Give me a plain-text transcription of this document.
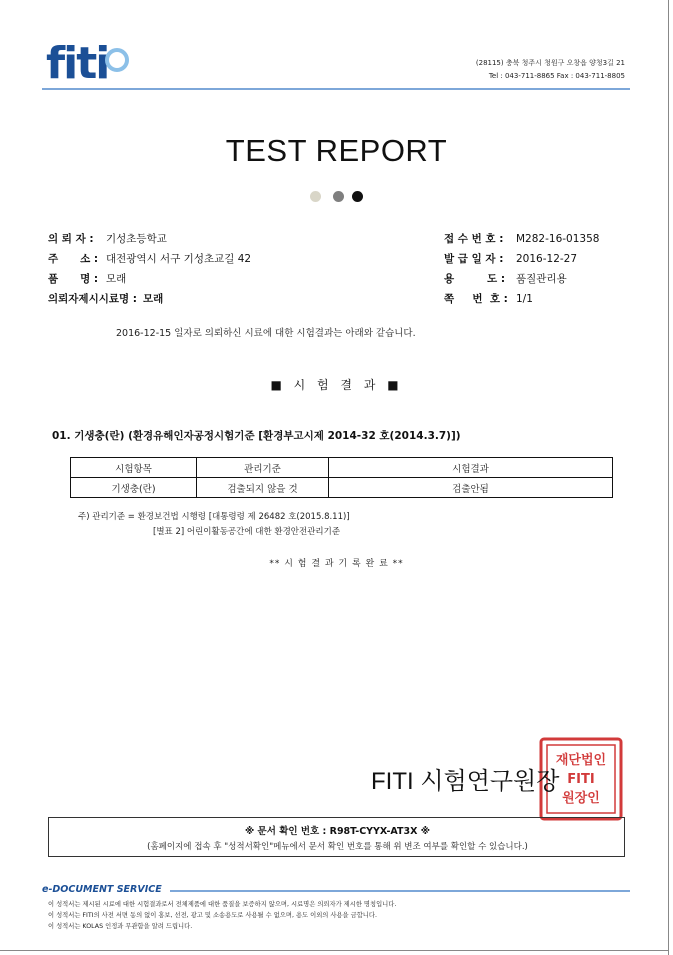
fiti	(28115) 충북 청주시 청원구 오창읍 양청3길 21
Tel : 043-711-8865 Fax : 043-711-8805
TEST REPORT
의 뢰 자 :	기성초등학교
주      소 : 대전광역시 서구 기성초교길 42
품      명 : 모래
의뢰자제시시료명 : 모래
접 수 번 호 :	M282-16-01358
발 급 일 자 :	2016-12-27
용         도 :	품질관리용
쪽     번  호 : 1/1
2016-12-15 일자로 의뢰하신 시료에 대한 시험결과는 아래와 같습니다.
■ 시 험 결 과 ■
01. 기생충(란) (환경유해인자공정시험기준 [환경부고시제 2014-32 호(2014.3.7)])
시험항목	관리기준	시험결과
기생충(란)	검출되지 않을 것	검출안됨
주) 관리기준 = 환경보건법 시행령 [대통령령 제 26482 호(2015.8.11)]
[별표 2] 어린이활동공간에 대한 환경안전관리기준
** 시 험 결 과 기 록 완 료 **
재단법인
FITI
원장인
FITI 시험연구원장
※ 문서 확인 번호 : R98T-CYYX-AT3X ※
(홈페이지에 접속 후 "성적서확인"메뉴에서 문서 확인 번호를 통해 위 변조 여부를 확인할 수 있습니다.)
e-DOCUMENT SERVICE
이 성적서는 제시된 시료에 대한 시험결과로서 전체제품에 대한 품질을 보증하지 않으며, 시료명은 의뢰자가 제시한 명칭입니다.
이 성적서는 FITI의 사전 서면 동의 없이 홍보, 선전, 광고 및 소송용도로 사용될 수 없으며, 용도 이외의 사용을 금합니다.
이 성적서는 KOLAS 인정과 무관함을 알려 드립니다.
